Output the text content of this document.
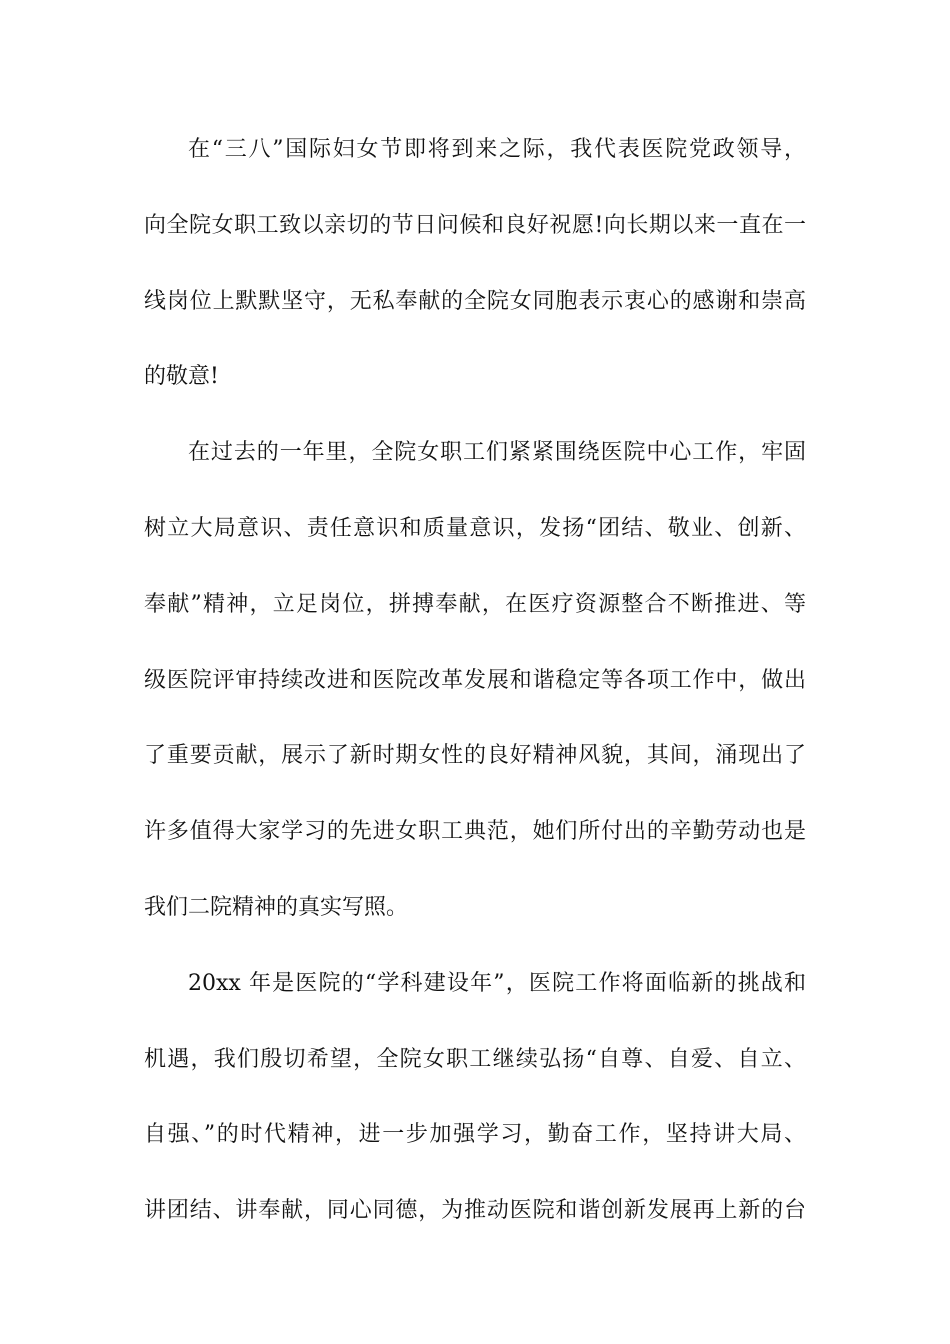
在“三八”国际妇女节即将到来之际，我代表医院党政领导，
向全院女职工致以亲切的节日问候和良好祝愿!向长期以来一直在一
线岗位上默默坚守，无私奉献的全院女同胞表示衷心的感谢和崇高
的敬意!
在过去的一年里，全院女职工们紧紧围绕医院中心工作，牢固
树立大局意识、责任意识和质量意识，发扬“团结、敬业、创新、
奉献”精神，立足岗位，拼搏奉献，在医疗资源整合不断推进、等
级医院评审持续改进和医院改革发展和谐稳定等各项工作中，做出
了重要贡献，展示了新时期女性的良好精神风貌，其间，涌现出了
许多值得大家学习的先进女职工典范，她们所付出的辛勤劳动也是
我们二院精神的真实写照。
20xx 年是医院的“学科建设年”，医院工作将面临新的挑战和
机遇，我们殷切希望，全院女职工继续弘扬“自尊、自爱、自立、
自强、”的时代精神，进一步加强学习，勤奋工作，坚持讲大局、
讲团结、讲奉献，同心同德，为推动医院和谐创新发展再上新的台
